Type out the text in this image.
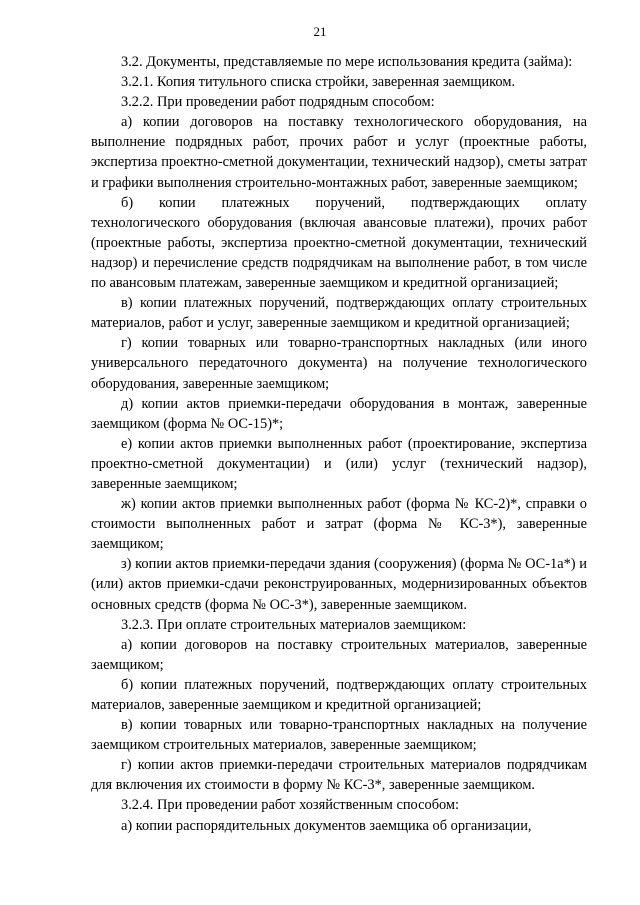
21

3.2. Документы, представляемые по мере использования кредита (займа):

3.2.1. Копия титульного списка стройки, заверенная заемщиком.

3.2.2. При проведении работ подрядным способом:

а) копии договоров на поставку технологического оборудования, на выполнение подрядных работ, прочих работ и услуг (проектные работы, экспертиза проектно-сметной документации, технический надзор), сметы затрат и графики выполнения строительно-монтажных работ, заверенные заемщиком;

б) копии платежных поручений, подтверждающих оплату технологического оборудования (включая авансовые платежи), прочих работ (проектные работы, экспертиза проектно-сметной документации, технический надзор) и перечисление средств подрядчикам на выполнение работ, в том числе по авансовым платежам, заверенные заемщиком и кредитной организацией;

в) копии платежных поручений, подтверждающих оплату строительных материалов, работ и услуг, заверенные заемщиком и кредитной организацией;

г) копии товарных или товарно-транспортных накладных (или иного универсального передаточного документа) на получение технологического оборудования, заверенные заемщиком;

д) копии актов приемки-передачи оборудования в монтаж, заверенные заемщиком (форма № ОС-15)*;

е) копии актов приемки выполненных работ (проектирование, экспертиза проектно-сметной документации) и (или) услуг (технический надзор), заверенные заемщиком;

ж) копии актов приемки выполненных работ (форма № КС-2)*, справки о стоимости выполненных работ и затрат (форма № КС-3*), заверенные заемщиком;

з) копии актов приемки-передачи здания (сооружения) (форма № ОС-1а*) и (или) актов приемки-сдачи реконструированных, модернизированных объектов основных средств (форма № ОС-3*), заверенные заемщиком.

3.2.3. При оплате строительных материалов заемщиком:

а) копии договоров на поставку строительных материалов, заверенные заемщиком;

б) копии платежных поручений, подтверждающих оплату строительных материалов, заверенные заемщиком и кредитной организацией;

в) копии товарных или товарно-транспортных накладных на получение заемщиком строительных материалов, заверенные заемщиком;

г) копии актов приемки-передачи строительных материалов подрядчикам для включения их стоимости в форму № КС-3*, заверенные заемщиком.

3.2.4. При проведении работ хозяйственным способом:

а) копии распорядительных документов заемщика об организации,
